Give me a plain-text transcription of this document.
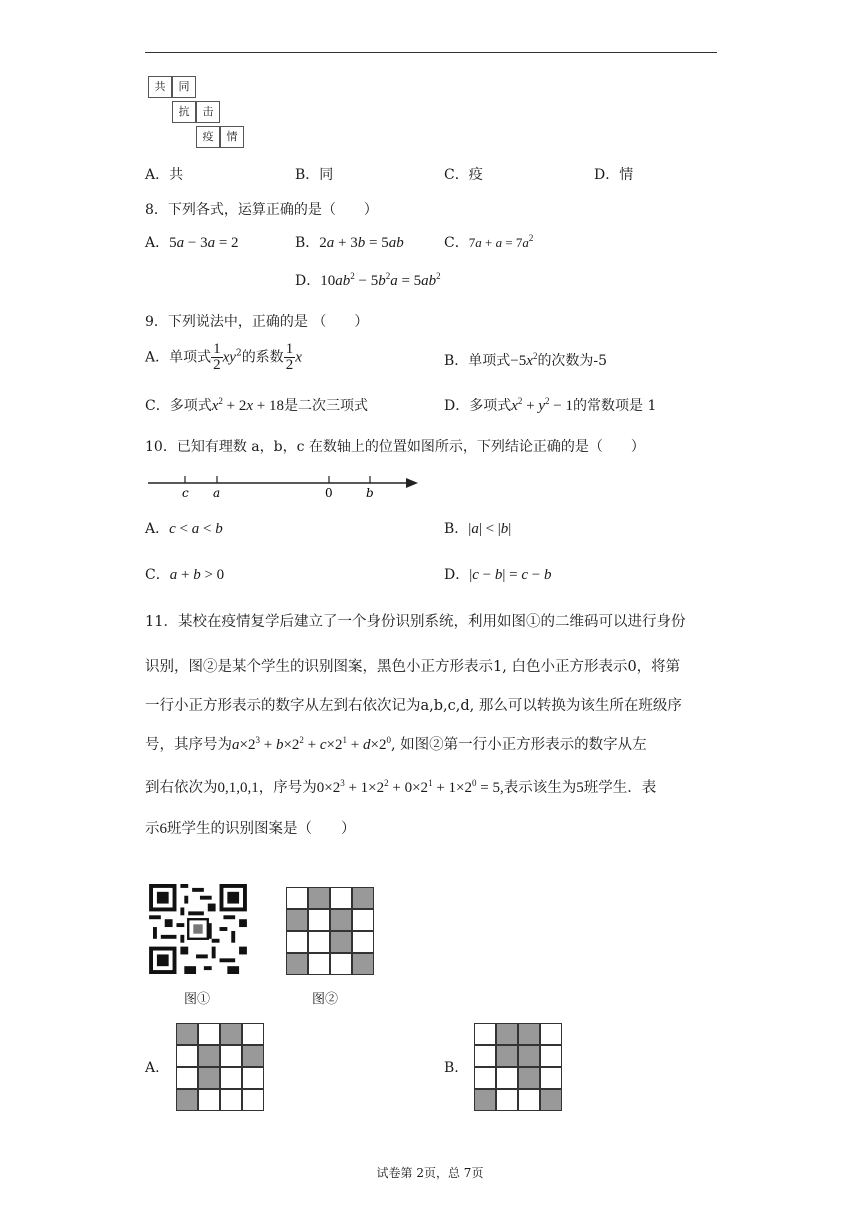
共	同
抗	击
疫	情
A．共	B．同	C．疫	D．情
8．下列各式，运算正确的是（　　）
A．5a − 3a = 2	B．2a + 3b = 5ab	C．$7a + a = 7a^2$
D．$10ab^2 - 5b^2a = 5ab^2$
9．下列说法中，正确的是 （　　）
A．单项式 $\frac{1}{2} xy^2$的系数 $\frac{1}{2}$ x	B．单项式$-5x^2$的次数为-5
C．多项式$x^2 + 2x + 18$是二次三项式	D．多项式$x^2 + y^2 - 1$的常数项是 1
10．已知有理数 a，b，c 在数轴上的位置如图所示，下列结论正确的是（　　）
c a	0	b
A．c < a < b	B．|a| < |b|
C．a + b > 0	D．|c − b| = c − b
11．某校在疫情复学后建立了一个身份识别系统，利用如图①的二维码可以进行身份
识别，图②是某个学生的识别图案，黑色小正方形表示1, 白色小正方形表示0，将第
一行小正方形表示的数字从左到右依次记为a,b,c,d, 那么可以转换为该生所在班级序
号，其序号为$a\times 2^3 + b\times 2^2 + c\times 2^1 + d\times 2^0$, 如图②第一行小正方形表示的数字从左
到右依次为0,1,0,1，序号为$0\times 2^3 + 1\times 2^2 + 0\times 2^1 + 1\times 2^0 = 5$,表示该生为5班学生．表
示6班学生的识别图案是（　　）
图①	图②
A.	B.
试卷第 2页，总 7页
